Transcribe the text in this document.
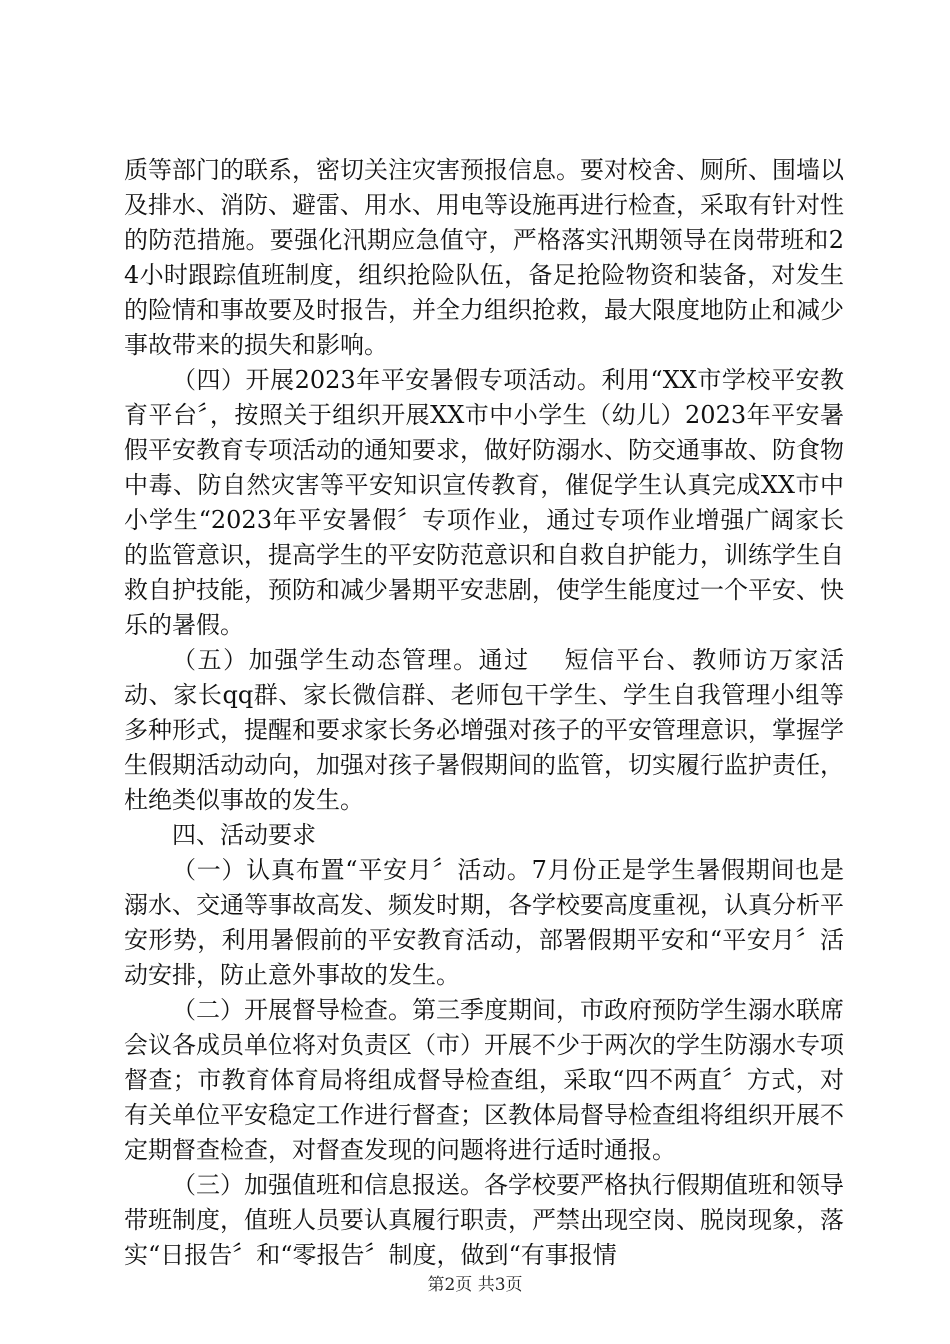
质等部门的联系，密切关注灾害预报信息。要对校舍、厕所、围墙以及排水、消防、避雷、用水、用电等设施再进行检查，采取有针对性的防范措施。要强化汛期应急值守，严格落实汛期领导在岗带班和24小时跟踪值班制度，组织抢险队伍，备足抢险物资和装备，对发生的险情和事故要及时报告，并全力组织抢救，最大限度地防止和减少事故带来的损失和影响。

（四）开展2023年平安暑假专项活动。利用“XX市学校平安教育平台〞，按照关于组织开展XX市中小学生（幼儿）2023年平安暑假平安教育专项活动的通知要求，做好防溺水、防交通事故、防食物中毒、防自然灾害等平安知识宣传教育，催促学生认真完成XX市中小学生“2023年平安暑假〞专项作业，通过专项作业增强广阔家长的监管意识，提高学生的平安防范意识和自救自护能力，训练学生自救自护技能，预防和减少暑期平安悲剧，使学生能度过一个平安、快乐的暑假。

（五）加强学生动态管理。通过　 短信平台、教师访万家活动、家长qq群、家长微信群、老师包干学生、学生自我管理小组等多种形式，提醒和要求家长务必增强对孩子的平安管理意识，掌握学生假期活动动向，加强对孩子暑假期间的监管，切实履行监护责任，杜绝类似事故的发生。

四、活动要求

（一）认真布置“平安月〞活动。7月份正是学生暑假期间也是溺水、交通等事故高发、频发时期，各学校要高度重视，认真分析平安形势，利用暑假前的平安教育活动，部署假期平安和“平安月〞活动安排，防止意外事故的发生。

（二）开展督导检查。第三季度期间，市政府预防学生溺水联席会议各成员单位将对负责区（市）开展不少于两次的学生防溺水专项督查；市教育体育局将组成督导检查组，采取“四不两直〞方式，对有关单位平安稳定工作进行督查；区教体局督导检查组将组织开展不定期督查检查，对督查发现的问题将进行适时通报。

（三）加强值班和信息报送。各学校要严格执行假期值班和领导带班制度，值班人员要认真履行职责，严禁出现空岗、脱岗现象，落实“日报告〞和“零报告〞制度，做到“有事报情

第2页 共3页
